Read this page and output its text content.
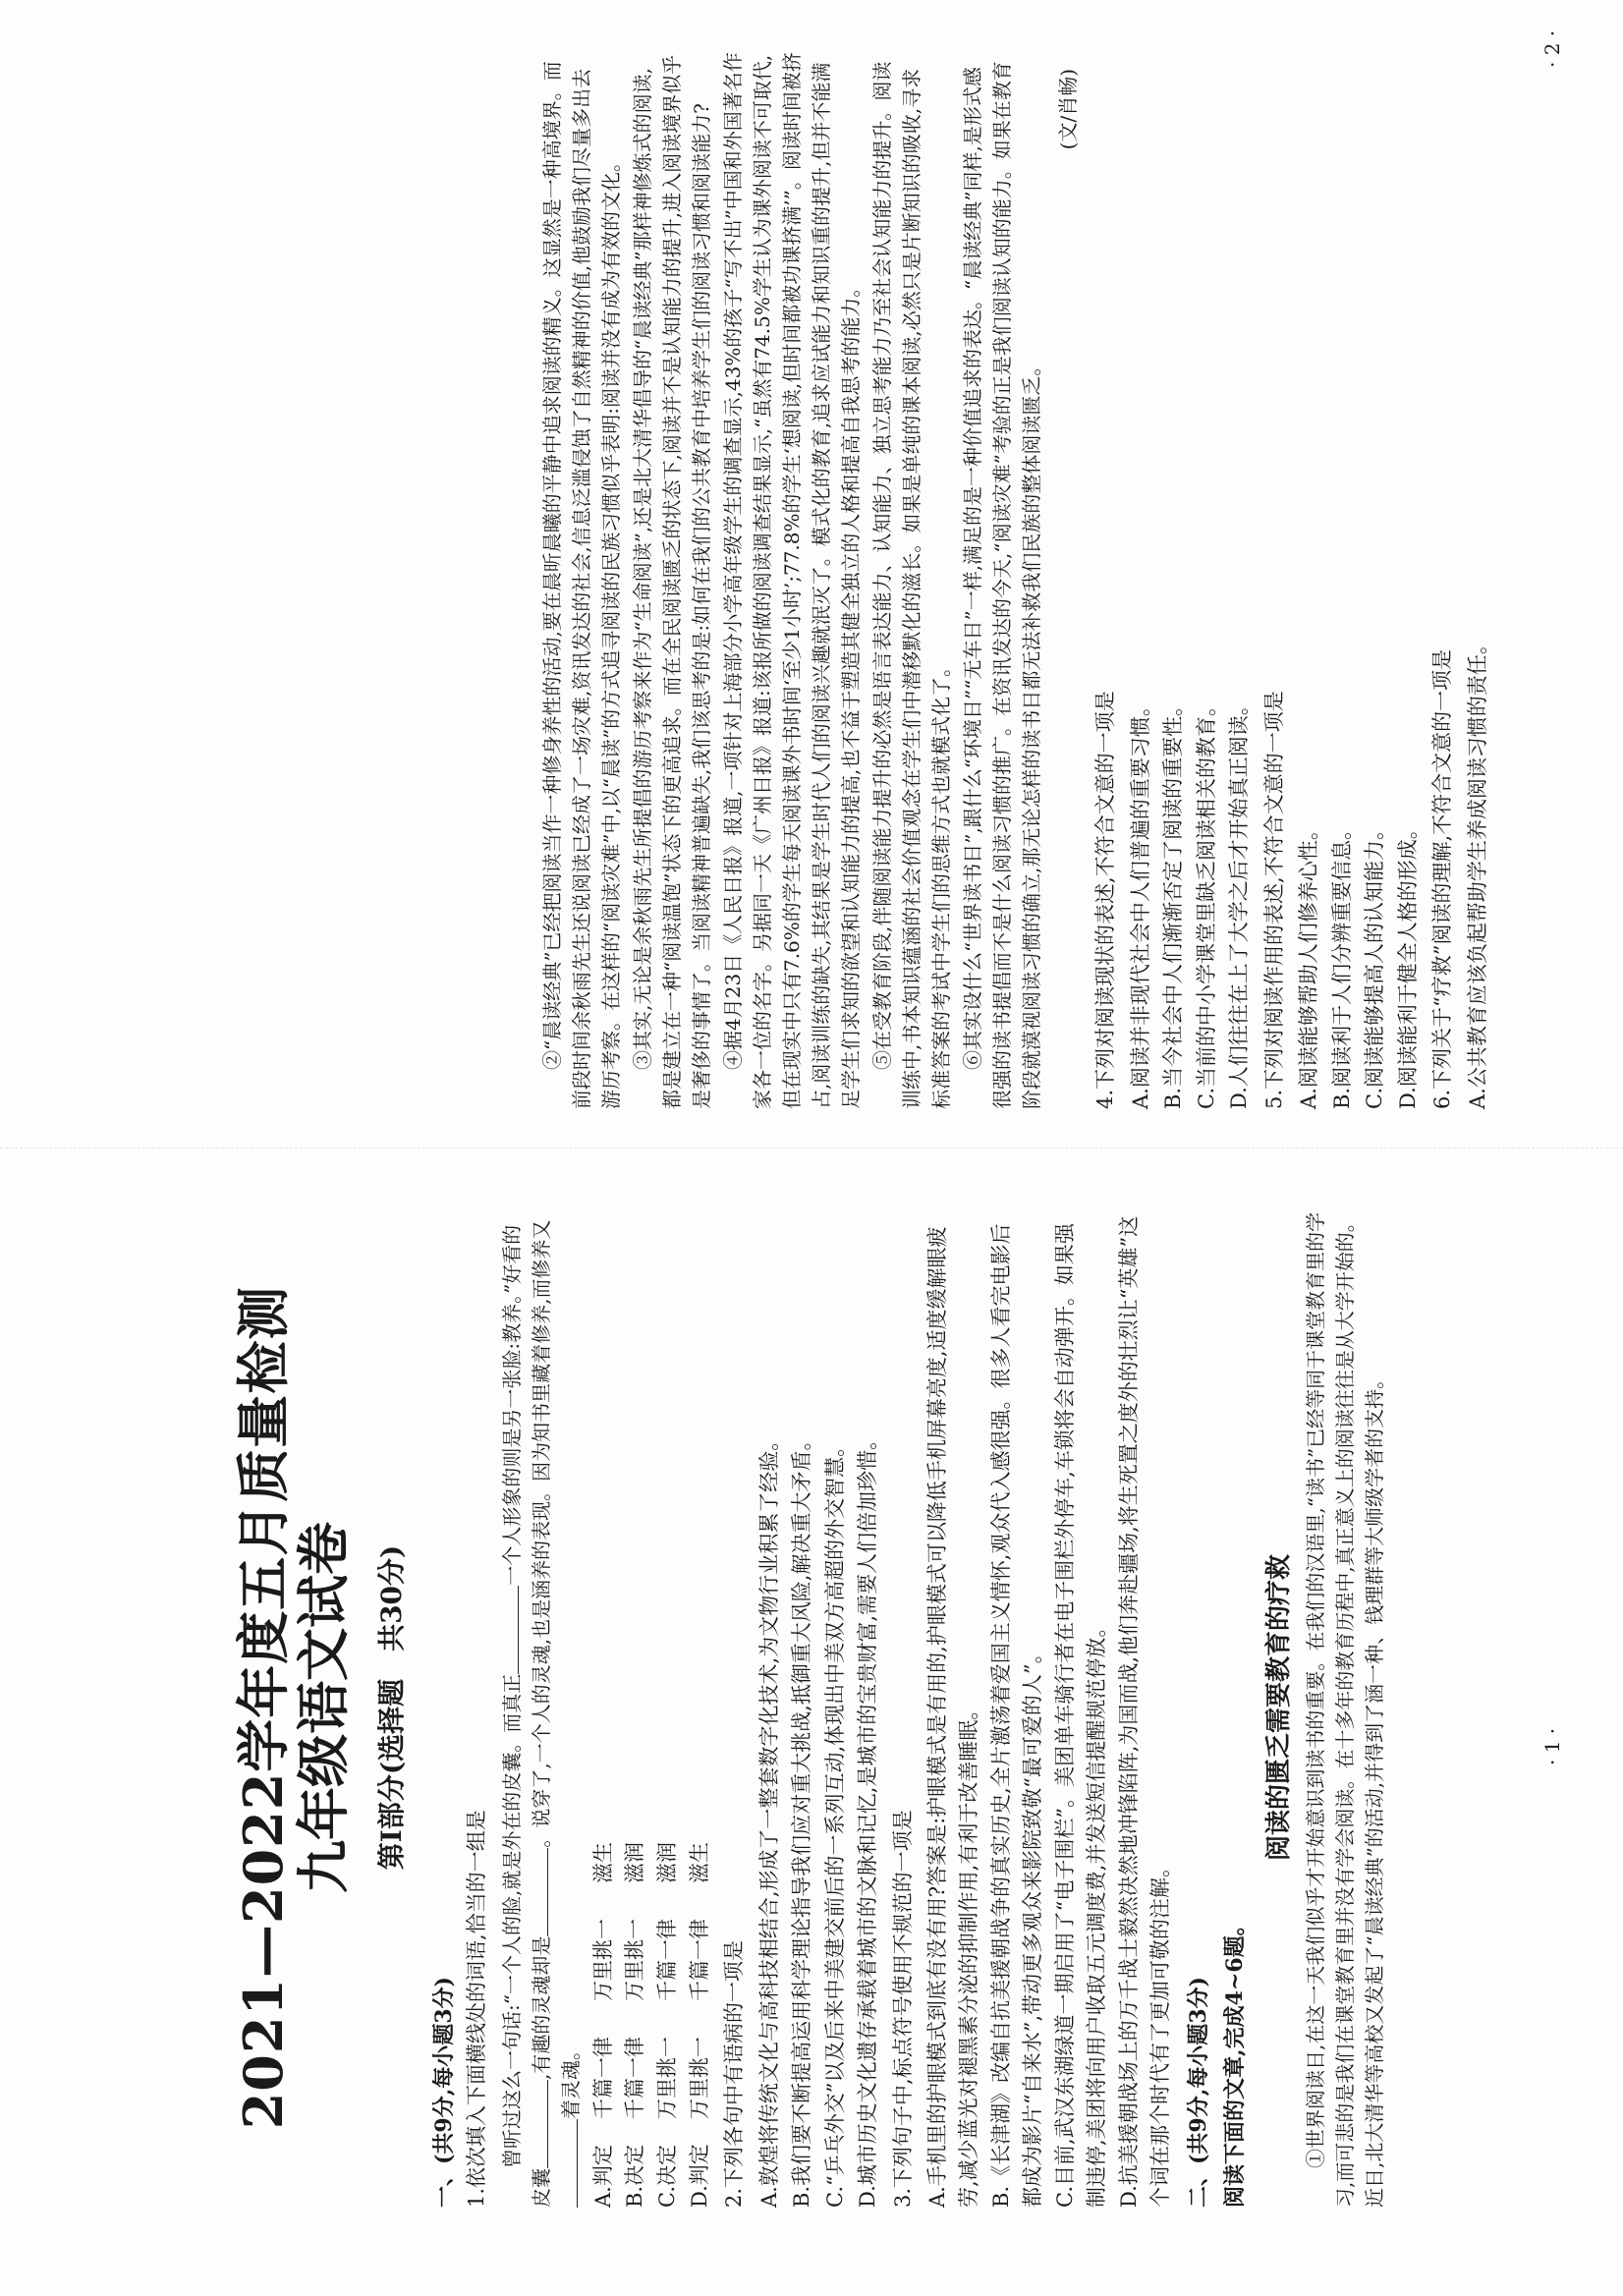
2021—2022学年度五月质量检测
九年级语文试卷 第Ⅰ部分(选择题　共30分)
一、(共9分,每小题3分) 1.依次填入下面横线处的词语,恰当的一组是 曾听过这么一句话:“一个人的脸,就是外在的皮囊。而真正一个人形象的则是另一张脸:教养。”好看的皮囊,有趣的灵魂却是。说穿了,一个人的灵魂,也是涵养的表现。因为知书里藏着修养,而修养又着灵魂。
A.判定
千篇一律
万里挑一
滋生
B.决定
千篇一律
万里挑一
滋润
C.决定
万里挑一
千篇一律
滋润
D.判定
万里挑一
千篇一律
滋生
2.下列各句中有语病的一项是 A.敦煌将传统文化与高科技相结合,形成了一整套数字化技术,为文物行业积累了经验。 B.我们要不断提高运用科学理论指导我们应对重大挑战,抵御重大风险,解决重大矛盾。 C.“乒乓外交”以及后来中美建交前后的一系列互动,体现出中美双方高超的外交智慧。 D.城市历史文化遗存承载着城市的文脉和记忆,是城市的宝贵财富,需要人们倍加珍惜。 3.下列句子中,标点符号使用不规范的一项是 A.手机里的护眼模式到底有没有用?答案是:护眼模式是有用的,护眼模式可以降低手机屏幕亮度,适度缓解眼疲劳,减少蓝光对褪黑素分泌的抑制作用,有利于改善睡眠。 B.《长津湖》改编自抗美援朝战争的真实历史,全片激荡着爱国主义情怀,观众代入感很强。很多人看完电影后都成为影片“自来水”,带动更多观众来影院致敬“最可爱的人”。 C.目前,武汉东湖绿道一期启用了“电子围栏”。美团单车骑行者在电子围栏外停车,车锁将会自动弹开。如果强制违停,美团将向用户收取五元调度费,并发送短信提醒规范停放。 D.抗美援朝战场上的万千战士毅然决然地冲锋陷阵,为国而战,他们奔赴疆场,将生死置之度外的壮烈让“英雄”这个词在那个时代有了更加可敬的注解。 二、(共9分,每小题3分) 阅读下面的文章,完成4~6题。
阅读的匮乏需要教育的疗救 ①世界阅读日,在这一天我们似乎才开始意识到读书的重要。在我们的汉语里,“读书”已经等同于课堂教育里的学习,而可悲的是我们在课堂教育里并没有学会阅读。在十多年的教育历程中,真正意义上的阅读往往是从大学开始的。近日,北大清华等高校又发起了“晨读经典”的活动,并得到了涵一种、钱理群等大师级学者的支持。	· 1 ·
②“晨读经典”已经把阅读当作一种修身养性的活动,要在晨昕晨曦的平静中追求阅读的精义。这显然是一种高境界。而前段时间余秋雨先生还说阅读已经成了一场灾难,资讯发达的社会,信息泛滥侵蚀了自然精神的价值,他鼓励我们尽量多出去游历考察。在这样的“阅读灾难”中,以“晨读”的方式追寻阅读的民族习惯似乎表明:阅读并没有成为有效的文化。 ③其实,无论是余秋雨先生所提倡的游历考察来作为“生命阅读”,还是北大清华倡导的“晨读经典”那样神修炼式的阅读,都是建立在一种“阅读温饱”状态下的更高追求。而在全民阅读匮乏的状态下,阅读并不是认知能力的提升,进入阅读境界似乎是奢侈的事情了。当阅读精神普遍缺失,我们该思考的是:如何在我们的公共教育中培养学生们的阅读习惯和阅读能力? ④据4月23日《人民日报》报道,一项针对上海部分小学高年级学生的调查显示,43%的孩子“写不出”中国和外国著名作家各一位的名字。另据同一天《广州日报》报道:该报所做的阅读调查结果显示,“虽然有74.5%学生认为课外阅读不可取代,但在现实中只有7.6%的学生每天阅读课外书时间‘至少1小时’;77.8%的学生‘想阅读,但时间都被功课挤满’”。阅读时间被挤占,阅读训练的缺失,其结果是学生时代人们的阅读兴趣就泯灭了。模式化的教育,追求应试能力和知识重的提升,但并不能满足学生们求知的欲望和认知能力的提高,也不益于塑造其健全独立的人格和提高自我思考的能力。 ⑤在受教育阶段,伴随阅读能力提升的必然是语言表达能力、认知能力、独立思考能力乃至社会认知能力的提升。阅读训练中,书本知识蕴涵的社会价值观念在学生们中潜移默化的滋长。如果是单纯的课本阅读,必然只是片断知识的吸收,寻求标准答案的考试中学生们的思维方式也就模式化了。 ⑥其实设什么“世界读书日”,跟什么“环境日”“无车日”一样,满足的是一种价值追求的表达。“晨读经典”同样,是形式感很强的读书提倡而不是什么阅读习惯的推广。在资讯发达的今天,“阅读灾难”考验的正是我们阅读认知的能力。如果在教育阶段就漠视阅读习惯的确立,那无论怎样的读书日都无法补救我们民族的整体阅读匮乏。
(文/肖畅)
4.下列对阅读现状的表述,不符合文意的一项是 A.阅读并非现代社会中人们普遍的重要习惯。 B.当今社会中人们渐渐否定了阅读的重要性。 C.当前的中小学课堂里缺乏阅读相关的教育。 D.人们往往在上了大学之后才开始真正阅读。 5.下列对阅读作用的表述,不符合文意的一项是 A.阅读能够帮助人们修养心性。 B.阅读利于人们分辨重要信息。 C.阅读能够提高人的认知能力。 D.阅读能利于健全人格的形成。 6.下列关于“疗救”阅读的理解,不符合文意的一项是 A.公共教育应该负起帮助学生养成阅读习惯的责任。
· 2 ·
